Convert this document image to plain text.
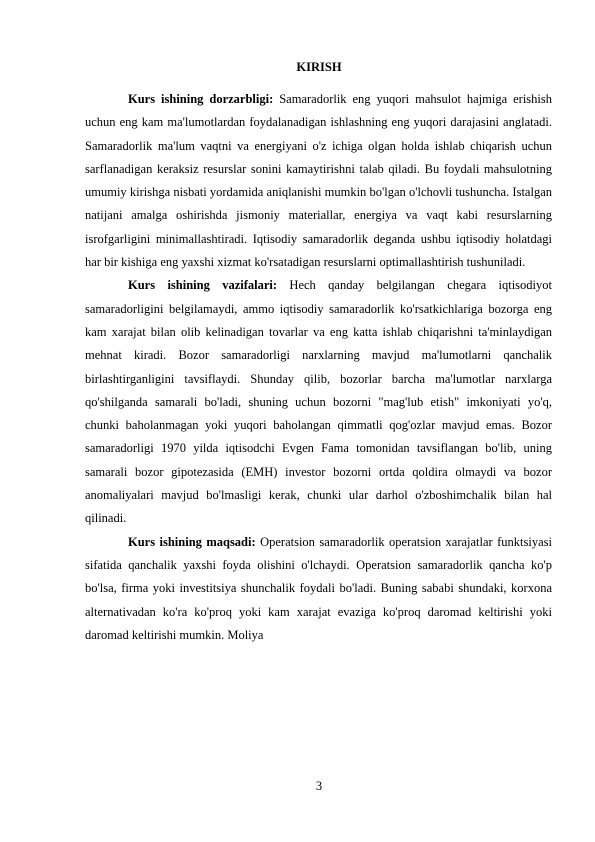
KIRISH

Kurs ishining dorzarbligi: Samaradorlik eng yuqori mahsulot hajmiga erishish uchun eng kam ma'lumotlardan foydalanadigan ishlashning eng yuqori darajasini anglatadi. Samaradorlik ma'lum vaqtni va energiyani o'z ichiga olgan holda ishlab chiqarish uchun sarflanadigan keraksiz resurslar sonini kamaytirishni talab qiladi. Bu foydali mahsulotning umumiy kirishga nisbati yordamida aniqlanishi mumkin bo'lgan o'lchovli tushuncha. Istalgan natijani amalga oshirishda jismoniy materiallar, energiya va vaqt kabi resurslarning isrofgarligini minimallashtiradi. Iqtisodiy samaradorlik deganda ushbu iqtisodiy holatdagi har bir kishiga eng yaxshi xizmat ko'rsatadigan resurslarni optimallashtirish tushuniladi.

Kurs ishining vazifalari: Hech qanday belgilangan chegara iqtisodiyot samaradorligini belgilamaydi, ammo iqtisodiy samaradorlik ko'rsatkichlariga bozorga eng kam xarajat bilan olib kelinadigan tovarlar va eng katta ishlab chiqarishni ta'minlaydigan mehnat kiradi. Bozor samaradorligi narxlarning mavjud ma'lumotlarni qanchalik birlashtirganligini tavsiflaydi. Shunday qilib, bozorlar barcha ma'lumotlar narxlarga qo'shilganda samarali bo'ladi, shuning uchun bozorni "mag'lub etish" imkoniyati yo'q, chunki baholanmagan yoki yuqori baholangan qimmatli qog'ozlar mavjud emas. Bozor samaradorligi 1970 yilda iqtisodchi Evgen Fama tomonidan tavsiflangan bo'lib, uning samarali bozor gipotezasida (EMH) investor bozorni ortda qoldira olmaydi va bozor anomaliyalari mavjud bo'lmasligi kerak, chunki ular darhol o'zboshimchalik bilan hal qilinadi.

Kurs ishining maqsadi: Operatsion samaradorlik operatsion xarajatlar funktsiyasi sifatida qanchalik yaxshi foyda olishini o'lchaydi. Operatsion samaradorlik qancha ko'p bo'lsa, firma yoki investitsiya shunchalik foydali bo'ladi. Buning sababi shundaki, korxona alternativadan ko'ra ko'proq yoki kam xarajat evaziga ko'proq daromad keltirishi yoki daromad keltirishi mumkin. Moliya

3
